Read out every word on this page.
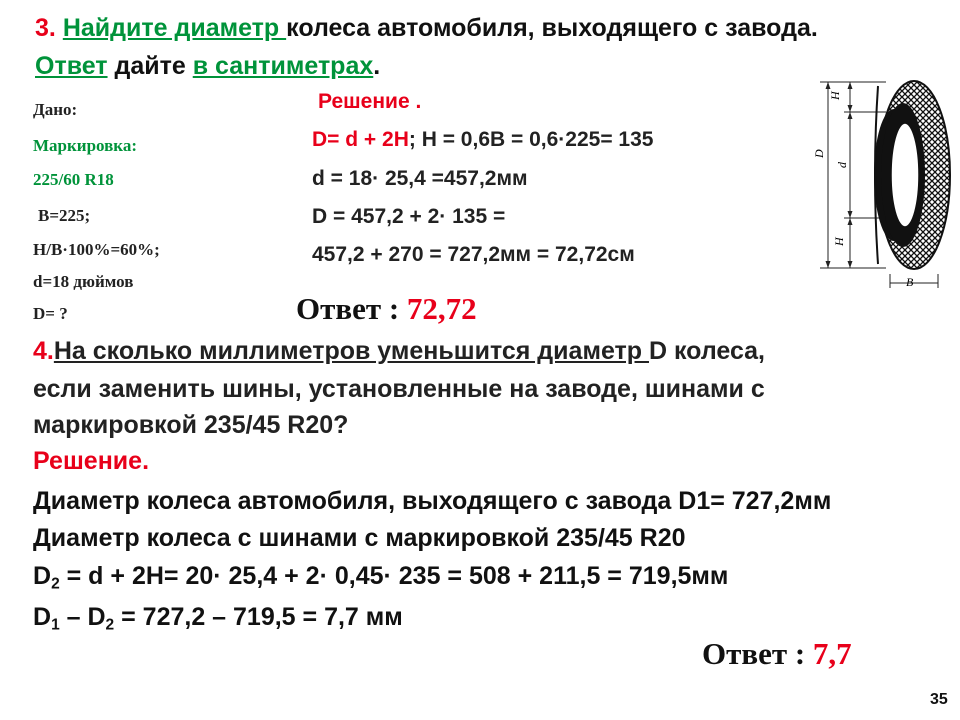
3. Найдите диаметр колеса автомобиля, выходящего с завода.
Ответ дайте в сантиметрах.
Дано:
Маркировка:
225/60 R18
B=225;
H/B·100%=60%;
d=18 дюймов
D= ?
Решение .
D= d + 2H; H = 0,6B = 0,6·225= 135
d = 18· 25,4 =457,2мм
D = 457,2 + 2· 135 =
457,2 + 270 = 727,2мм = 72,72см
Ответ : 72,72
4.На сколько миллиметров уменьшится диаметр D колеса,
если заменить шины, установленные на заводе, шинами с
маркировкой 235/45 R20?
Решение.
Диаметр колеса автомобиля, выходящего с завода D1= 727,2мм
Диаметр колеса с шинами с маркировкой 235/45 R20
$D_2 = d + 2H= 20\cdot 25,4 + 2\cdot 0,45\cdot 235 = 508 + 211,5 = 719,5мм$
$D_1 - D_2 = 727,2 - 719,5 = 7,7$ мм
Ответ : 7,7
35
H
d
D
H
B
